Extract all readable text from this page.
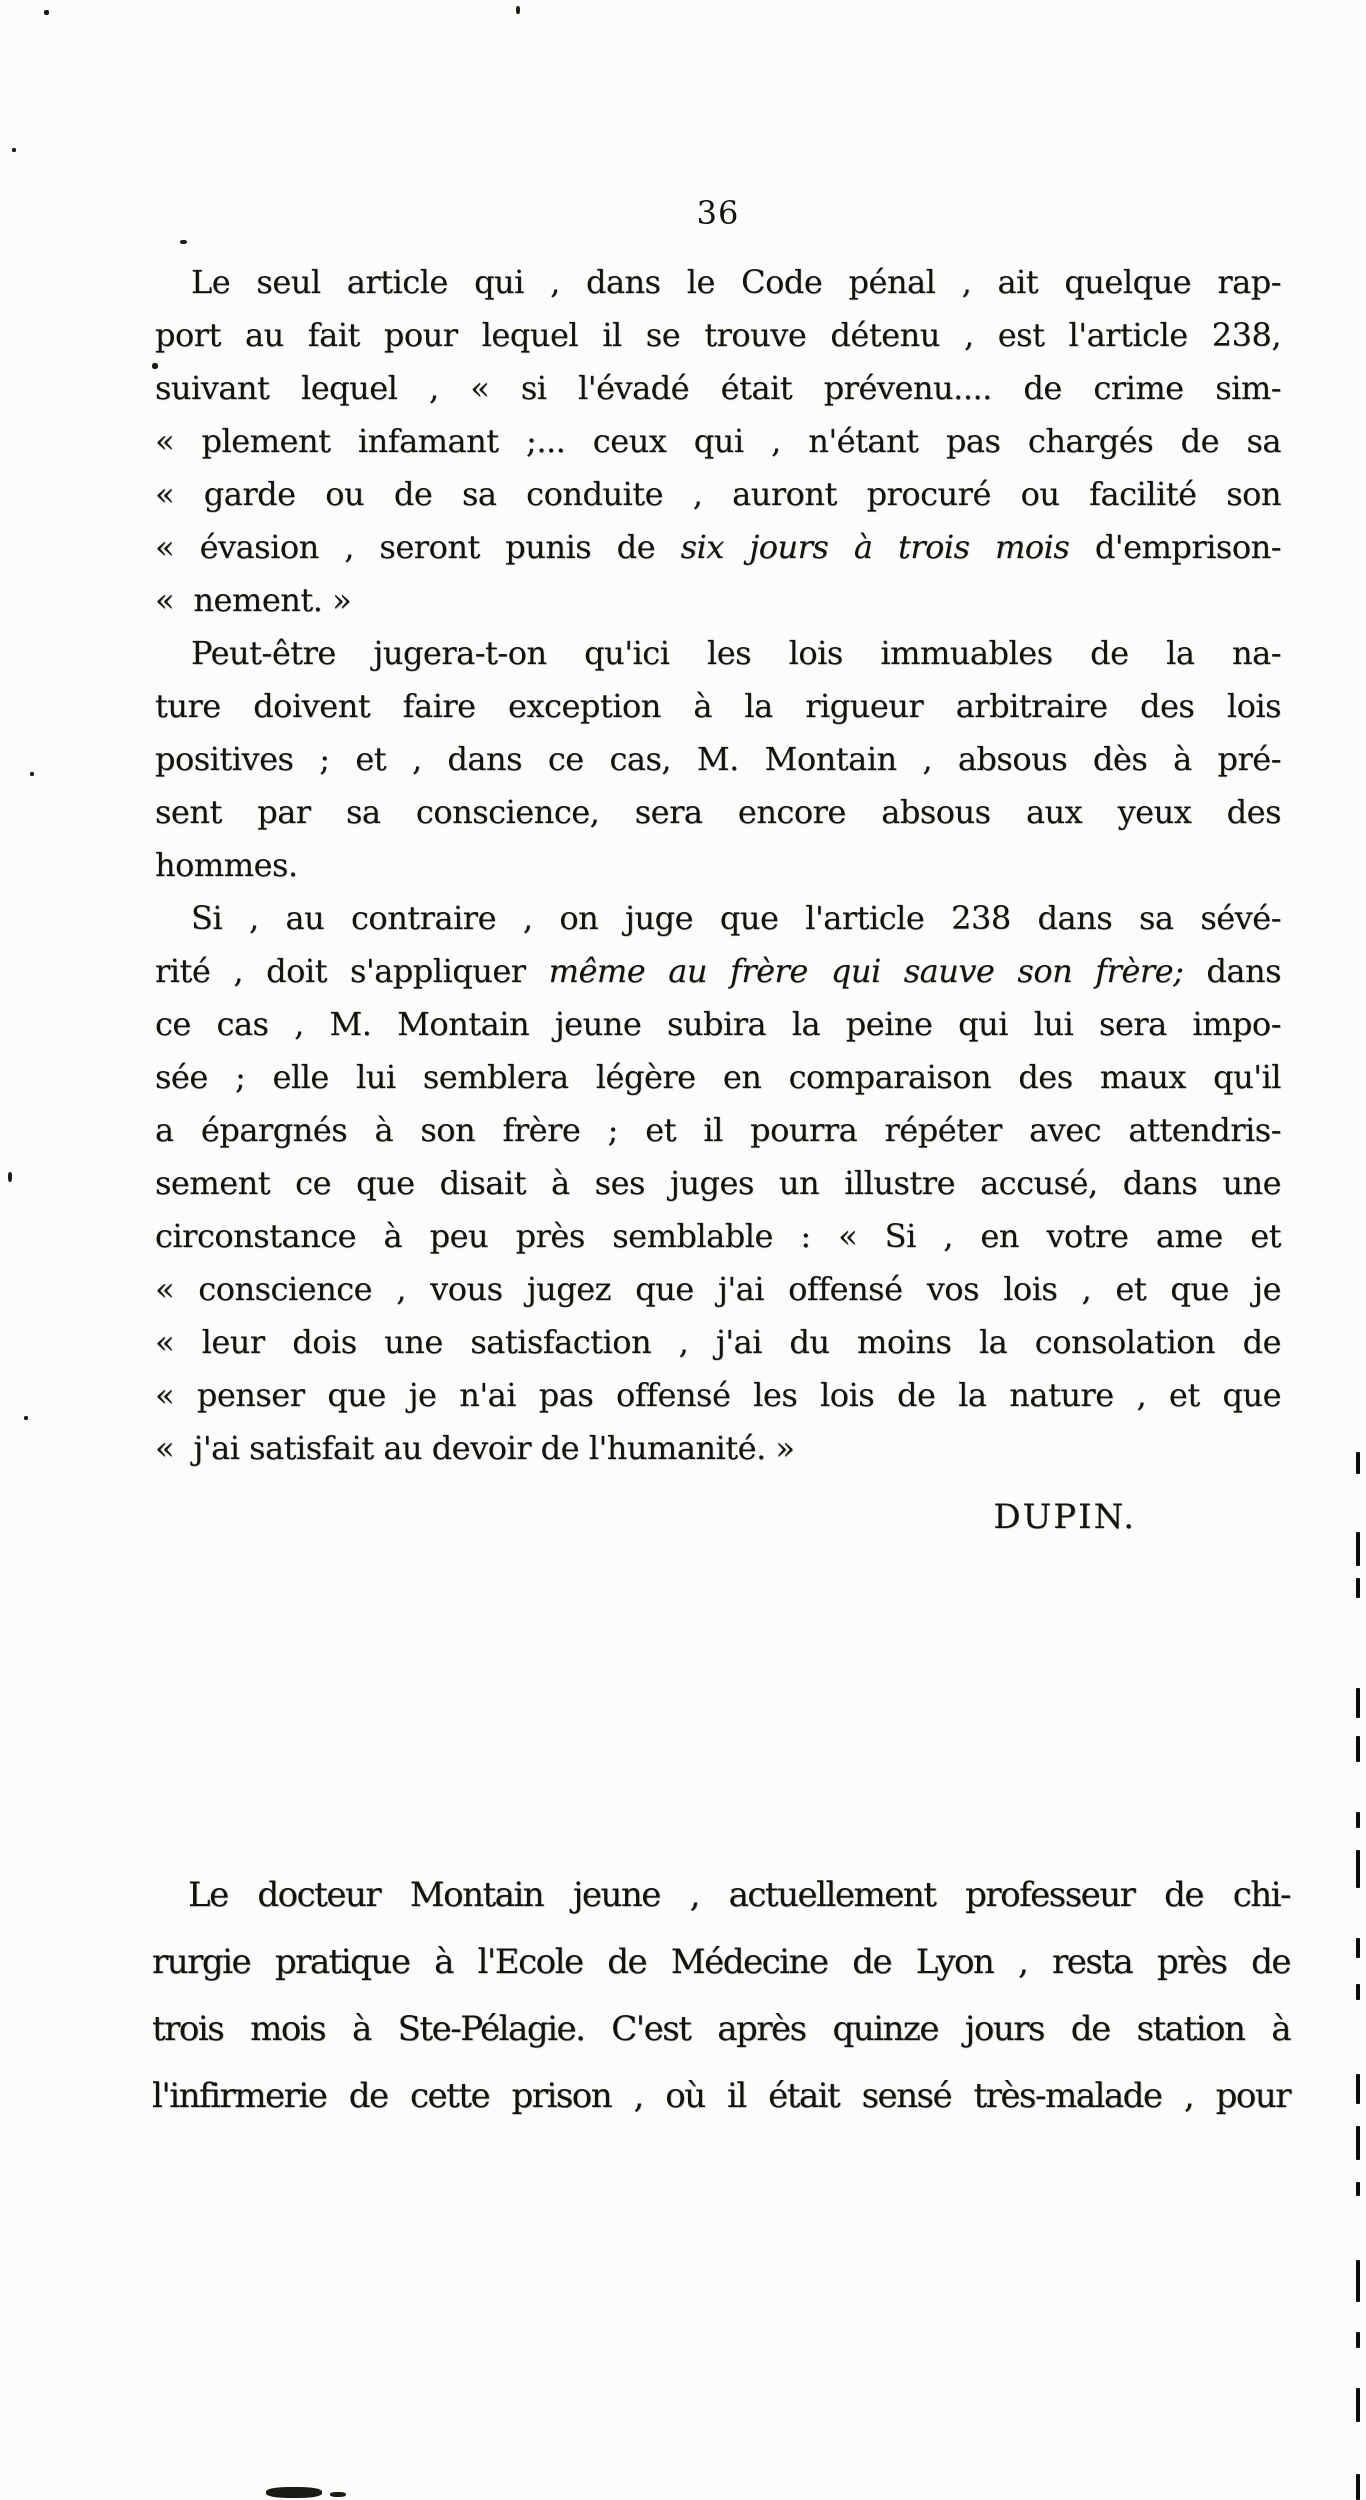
36
Le seul article qui , dans le Code pénal , ait quelque rap-
port au fait pour lequel il se trouve détenu , est l'article 238,
suivant lequel , « si l'évadé était prévenu.... de crime sim-
« plement infamant ;... ceux qui , n'étant pas chargés de sa
« garde ou de sa conduite , auront procuré ou facilité son
« évasion , seront punis de six jours à trois mois d'emprison-
«  nement. »
Peut-être jugera-t-on qu'ici les lois immuables de la na-
ture doivent faire exception à la rigueur arbitraire des lois
positives ; et , dans ce cas, M. Montain , absous dès à pré-
sent par sa conscience, sera encore absous aux yeux des
hommes.
Si , au contraire , on juge que l'article 238 dans sa sévé-
rité , doit s'appliquer même au frère qui sauve son frère; dans
ce cas , M. Montain jeune subira la peine qui lui sera impo-
sée ; elle lui semblera légère en comparaison des maux qu'il
a épargnés à son frère ; et il pourra répéter avec attendris-
sement ce que disait à ses juges un illustre accusé, dans une
circonstance à peu près semblable : « Si , en votre ame et
« conscience , vous jugez que j'ai offensé vos lois , et que je
« leur dois une satisfaction , j'ai du moins la consolation de
« penser que je n'ai pas offensé les lois de la nature , et que
«  j'ai satisfait au devoir de l'humanité. »
DUPIN.
Le docteur Montain jeune , actuellement professeur de chi-
rurgie pratique à l'Ecole de Médecine de Lyon , resta près de
trois mois à Ste-Pélagie. C'est après quinze jours de station à
l'infirmerie de cette prison , où il était sensé très-malade , pour
